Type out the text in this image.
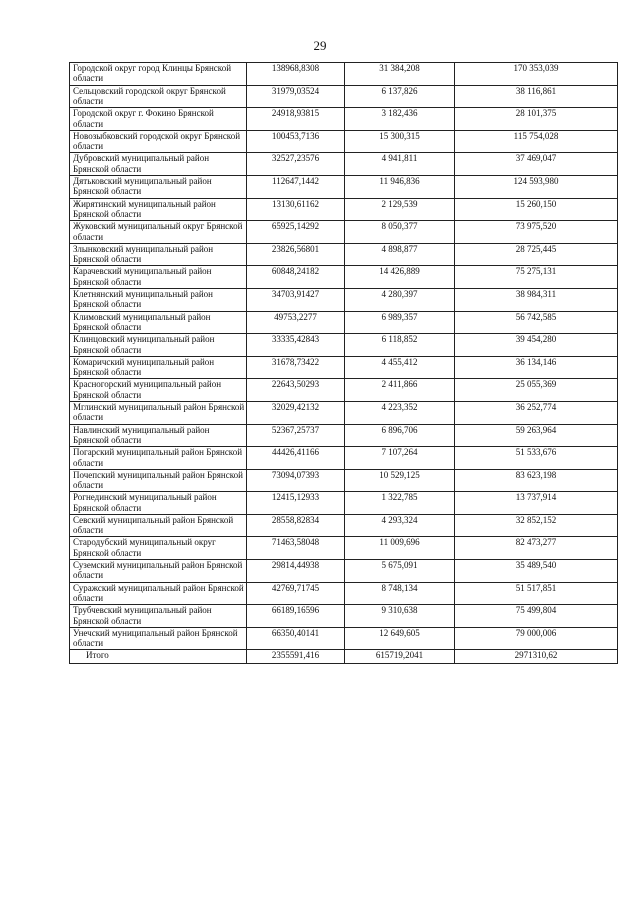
29
Городской округ город Клинцы Брянской области	138968,8308	31 384,208	170 353,039
Сельцовский городской округ Брянской области	31979,03524	6 137,826	38 116,861
Городской округ г. Фокино Брянской области	24918,93815	3 182,436	28 101,375
Новозыбковский городской округ Брянской области	100453,7136	15 300,315	115 754,028
Дубровский муниципальный район Брянской области	32527,23576	4 941,811	37 469,047
Дятьковский муниципальный район Брянской области	112647,1442	11 946,836	124 593,980
Жирятинский муниципальный район Брянской области	13130,61162	2 129,539	15 260,150
Жуковский муниципальный округ Брянской области	65925,14292	8 050,377	73 975,520
Злынковский муниципальный район Брянской области	23826,56801	4 898,877	28 725,445
Карачевский муниципальный район Брянской области	60848,24182	14 426,889	75 275,131
Клетнянский муниципальный район Брянской области	34703,91427	4 280,397	38 984,311
Климовский муниципальный район Брянской области	49753,2277	6 989,357	56 742,585
Клинцовский муниципальный район Брянской области	33335,42843	6 118,852	39 454,280
Комаричский муниципальный район Брянской области	31678,73422	4 455,412	36 134,146
Красногорский муниципальный район Брянской области	22643,50293	2 411,866	25 055,369
Мглинский муниципальный район Брянской области	32029,42132	4 223,352	36 252,774
Навлинский муниципальный район Брянской области	52367,25737	6 896,706	59 263,964
Погарский муниципальный район Брянской области	44426,41166	7 107,264	51 533,676
Почепский муниципальный район Брянской области	73094,07393	10 529,125	83 623,198
Рогнединский муниципальный район Брянской области	12415,12933	1 322,785	13 737,914
Севский муниципальный район Брянской области	28558,82834	4 293,324	32 852,152
Стародубский муниципальный округ Брянской области	71463,58048	11 009,696	82 473,277
Суземский муниципальный район Брянской области	29814,44938	5 675,091	35 489,540
Суражский муниципальный район Брянской области	42769,71745	8 748,134	51 517,851
Трубчевский муниципальный район Брянской области	66189,16596	9 310,638	75 499,804
Унечский муниципальный район Брянской области	66350,40141	12 649,605	79 000,006
Итого	2355591,416	615719,2041	2971310,62
